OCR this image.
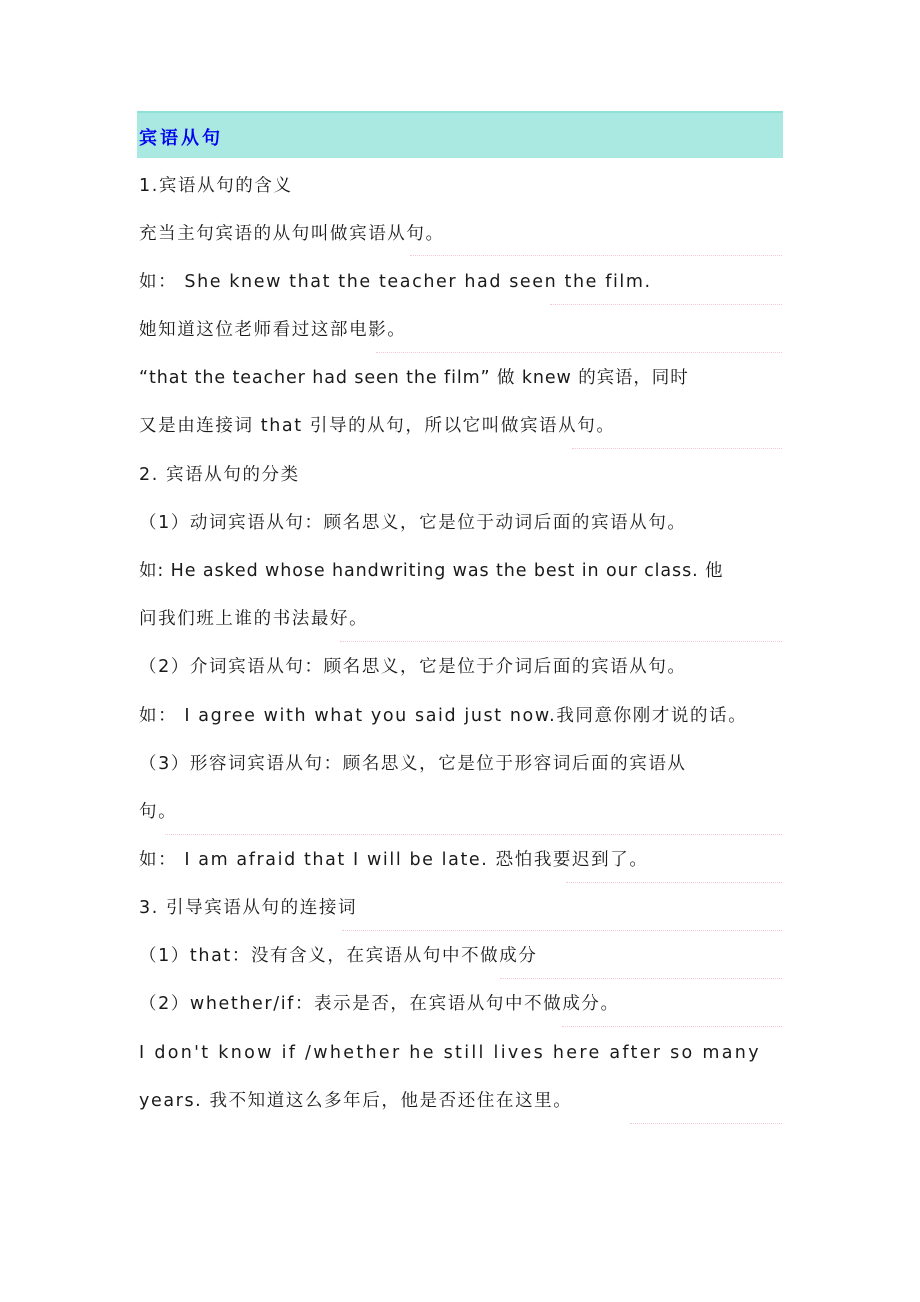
宾语从句
1.宾语从句的含义
充当主句宾语的从句叫做宾语从句。
如： She knew that the teacher had seen the film.
她知道这位老师看过这部电影。
“that the teacher had seen the film” 做 knew 的宾语，同时
又是由连接词 that 引导的从句，所以它叫做宾语从句。
2. 宾语从句的分类
（1）动词宾语从句：顾名思义，它是位于动词后面的宾语从句。
如: He asked whose handwriting was the best in our class. 他
问我们班上谁的书法最好。
（2）介词宾语从句：顾名思义，它是位于介词后面的宾语从句。
如： I agree with what you said just now.我同意你刚才说的话。
（3）形容词宾语从句：顾名思义，它是位于形容词后面的宾语从
句。
如： I am afraid that I will be late. 恐怕我要迟到了。
3. 引导宾语从句的连接词
（1）that：没有含义，在宾语从句中不做成分
（2）whether/if：表示是否，在宾语从句中不做成分。
I don't know if /whether he still lives here after so many
years. 我不知道这么多年后，他是否还住在这里。
